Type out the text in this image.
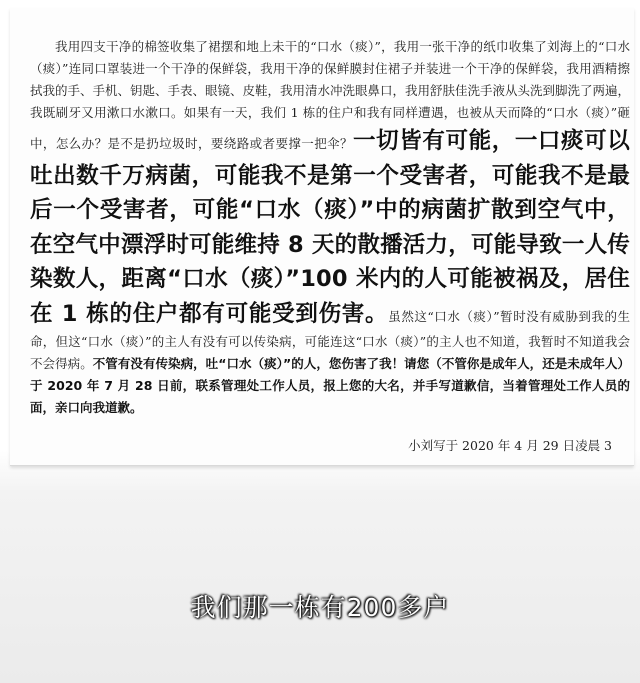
我用四支干净的棉签收集了裙摆和地上未干的“口水（痰）”，我用一张干净的纸巾收集了刘海上的“口水（痰）”连同口罩装进一个干净的保鲜袋，我用干净的保鲜膜封住裙子并装进一个干净的保鲜袋，我用酒精擦拭我的手、手机、钥匙、手表、眼镜、皮鞋，我用清水冲洗眼鼻口，我用舒肤佳洗手液从头洗到脚洗了两遍，我既刷牙又用漱口水漱口。如果有一天，我们 1 栋的住户和我有同样遭遇，也被从天而降的“口水（痰）”砸中，怎么办？是不是扔垃圾时，要绕路或者要撑一把伞？一切皆有可能，一口痰可以吐出数千万病菌，可能我不是第一个受害者，可能我不是最后一个受害者，可能“口水（痰）”中的病菌扩散到空气中，在空气中漂浮时可能维持 8 天的散播活力，可能导致一人传染数人，距离“口水（痰）”100 米内的人可能被祸及，居住在 1 栋的住户都有可能受到伤害。虽然这“口水（痰）”暂时没有威胁到我的生命，但这“口水（痰）”的主人有没有可以传染病，可能连这“口水（痰）”的主人也不知道，我暂时不知道我会不会得病。不管有没有传染病，吐“口水（痰）”的人，您伤害了我！请您（不管你是成年人，还是未成年人）于 2020 年 7 月 28 日前，联系管理处工作人员，报上您的大名，并手写道歉信，当着管理处工作人员的面，亲口向我道歉。
小刘写于 2020 年 4 月 29 日凌晨 3
我们那一栋有200多户
